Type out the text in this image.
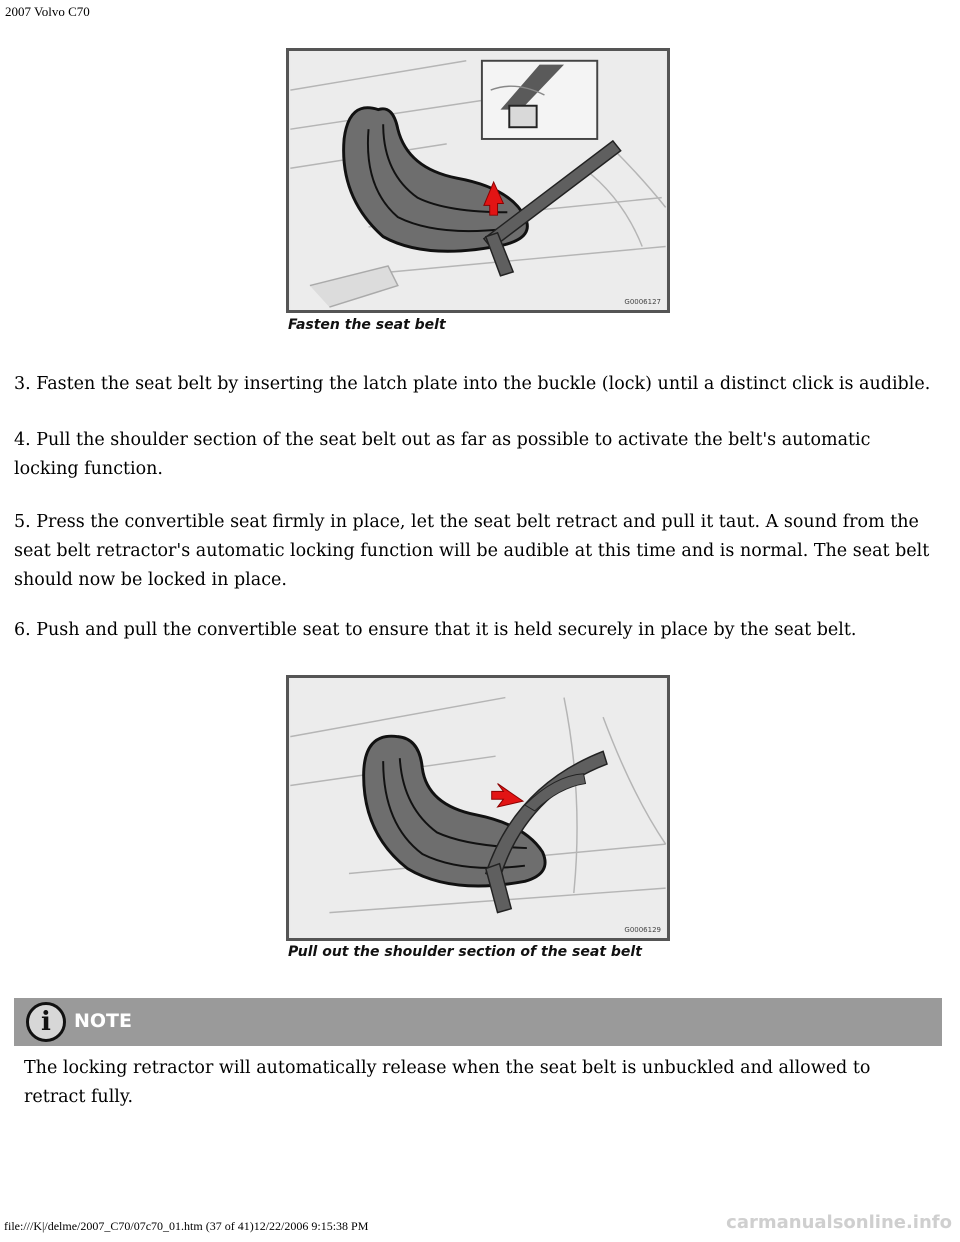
2007 Volvo C70
G0006127
Fasten the seat belt
3. Fasten the seat belt by inserting the latch plate into the buckle (lock) until a distinct click is audible.
4. Pull the shoulder section of the seat belt out as far as possible to activate the belt's automatic locking function.
5. Press the convertible seat firmly in place, let the seat belt retract and pull it taut. A sound from the seat belt retractor's automatic locking function will be audible at this time and is normal. The seat belt should now be locked in place.
6. Push and pull the convertible seat to ensure that it is held securely in place by the seat belt.
G0006129
Pull out the shoulder section of the seat belt
i	NOTE
The locking retractor will automatically release when the seat belt is unbuckled and allowed to retract fully.
file:///K|/delme/2007_C70/07c70_01.htm (37 of 41)12/22/2006 9:15:38 PM	carmanualsonline.info
